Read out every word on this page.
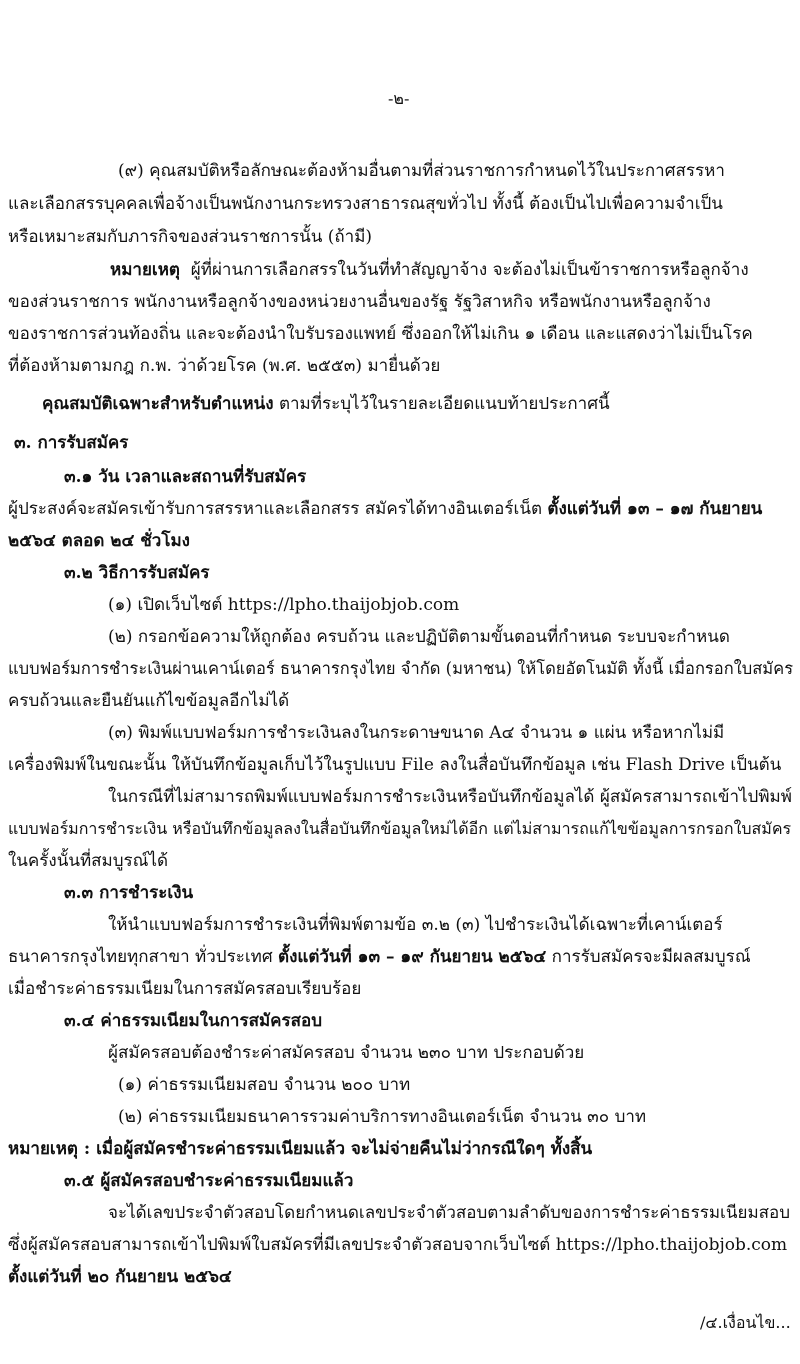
-๒-
(๙) คุณสมบัติหรือลักษณะต้องห้ามอื่นตามที่ส่วนราชการกำหนดไว้ในประกาศสรรหา
และเลือกสรรบุคคลเพื่อจ้างเป็นพนักงานกระทรวงสาธารณสุขทั่วไป ทั้งนี้ ต้องเป็นไปเพื่อความจำเป็น
หรือเหมาะสมกับภารกิจของส่วนราชการนั้น (ถ้ามี)
หมายเหตุ ผู้ที่ผ่านการเลือกสรรในวันที่ทำสัญญาจ้าง จะต้องไม่เป็นข้าราชการหรือลูกจ้าง
ของส่วนราชการ พนักงานหรือลูกจ้างของหน่วยงานอื่นของรัฐ รัฐวิสาหกิจ หรือพนักงานหรือลูกจ้าง
ของราชการส่วนท้องถิ่น และจะต้องนำใบรับรองแพทย์ ซึ่งออกให้ไม่เกิน ๑ เดือน และแสดงว่าไม่เป็นโรค
ที่ต้องห้ามตามกฎ ก.พ. ว่าด้วยโรค (พ.ศ. ๒๕๕๓) มายื่นด้วย
คุณสมบัติเฉพาะสำหรับตำแหน่ง ตามที่ระบุไว้ในรายละเอียดแนบท้ายประกาศนี้
๓. การรับสมัคร
๓.๑ วัน เวลาและสถานที่รับสมัคร
ผู้ประสงค์จะสมัครเข้ารับการสรรหาและเลือกสรร สมัครได้ทางอินเตอร์เน็ต ตั้งแต่วันที่ ๑๓ – ๑๗ กันยายน
๒๕๖๔ ตลอด ๒๔ ชั่วโมง
๓.๒ วิธีการรับสมัคร
(๑) เปิดเว็บไซต์ https://lpho.thaijobjob.com
(๒) กรอกข้อความให้ถูกต้อง ครบถ้วน และปฏิบัติตามขั้นตอนที่กำหนด ระบบจะกำหนด
แบบฟอร์มการชำระเงินผ่านเคาน์เตอร์ ธนาคารกรุงไทย จำกัด (มหาชน) ให้โดยอัตโนมัติ ทั้งนี้ เมื่อกรอกใบสมัคร
ครบถ้วนและยืนยันแก้ไขข้อมูลอีกไม่ได้
(๓) พิมพ์แบบฟอร์มการชำระเงินลงในกระดาษขนาด A๔ จำนวน ๑ แผ่น หรือหากไม่มี
เครื่องพิมพ์ในขณะนั้น ให้บันทึกข้อมูลเก็บไว้ในรูปแบบ File ลงในสื่อบันทึกข้อมูล เช่น Flash Drive เป็นต้น
ในกรณีที่ไม่สามารถพิมพ์แบบฟอร์มการชำระเงินหรือบันทึกข้อมูลได้ ผู้สมัครสามารถเข้าไปพิมพ์
แบบฟอร์มการชำระเงิน หรือบันทึกข้อมูลลงในสื่อบันทึกข้อมูลใหม่ได้อีก แต่ไม่สามารถแก้ไขข้อมูลการกรอกใบสมัคร
ในครั้งนั้นที่สมบูรณ์ได้
๓.๓ การชำระเงิน
ให้นำแบบฟอร์มการชำระเงินที่พิมพ์ตามข้อ ๓.๒ (๓) ไปชำระเงินได้เฉพาะที่เคาน์เตอร์
ธนาคารกรุงไทยทุกสาขา ทั่วประเทศ ตั้งแต่วันที่ ๑๓ – ๑๙ กันยายน ๒๕๖๔ การรับสมัครจะมีผลสมบูรณ์
เมื่อชำระค่าธรรมเนียมในการสมัครสอบเรียบร้อย
๓.๔ ค่าธรรมเนียมในการสมัครสอบ
ผู้สมัครสอบต้องชำระค่าสมัครสอบ จำนวน ๒๓๐ บาท ประกอบด้วย
(๑) ค่าธรรมเนียมสอบ จำนวน ๒๐๐ บาท
(๒) ค่าธรรมเนียมธนาคารรวมค่าบริการทางอินเตอร์เน็ต จำนวน ๓๐ บาท
หมายเหตุ : เมื่อผู้สมัครชำระค่าธรรมเนียมแล้ว จะไม่จ่ายคืนไม่ว่ากรณีใดๆ ทั้งสิ้น
๓.๕ ผู้สมัครสอบชำระค่าธรรมเนียมแล้ว
จะได้เลขประจำตัวสอบโดยกำหนดเลขประจำตัวสอบตามลำดับของการชำระค่าธรรมเนียมสอบ
ซึ่งผู้สมัครสอบสามารถเข้าไปพิมพ์ใบสมัครที่มีเลขประจำตัวสอบจากเว็บไซต์ https://lpho.thaijobjob.com
ตั้งแต่วันที่ ๒๐ กันยายน ๒๕๖๔
/๔.เงื่อนไข...
